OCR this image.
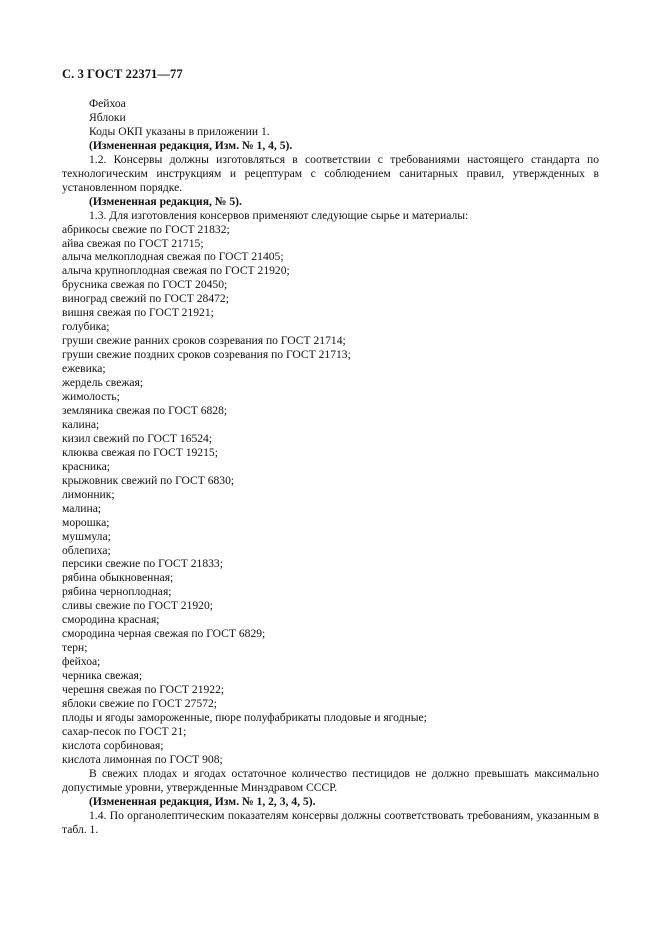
С. 3 ГОСТ 22371—77

Фейхоа

Яблоки

Коды ОКП указаны в приложении 1.

(Измененная редакция, Изм. № 1, 4, 5).

1.2. Консервы должны изготовляться в соответствии с требованиями настоящего стандарта по технологическим инструкциям и рецептурам с соблюдением санитарных правил, утвержденных в установленном порядке.

(Измененная редакция, № 5).

1.3. Для изготовления консервов применяют следующие сырье и материалы:

абрикосы свежие по ГОСТ 21832;

айва свежая по ГОСТ 21715;

алыча мелкоплодная свежая по ГОСТ 21405;

алыча крупноплодная свежая по ГОСТ 21920;

брусника свежая по ГОСТ 20450;

виноград свежий по ГОСТ 28472;

вишня свежая по ГОСТ 21921;

голубика;

груши свежие ранних сроков созревания по ГОСТ 21714;

груши свежие поздних сроков созревания по ГОСТ 21713;

ежевика;

жердель свежая;

жимолость;

земляника свежая по ГОСТ 6828;

калина;

кизил свежий по ГОСТ 16524;

клюква свежая по ГОСТ 19215;

красника;

крыжовник свежий по ГОСТ 6830;

лимонник;

малина;

морошка;

мушмула;

облепиха;

персики свежие по ГОСТ 21833;

рябина обыкновенная;

рябина черноплодная;

сливы свежие по ГОСТ 21920;

смородина красная;

смородина черная свежая по ГОСТ 6829;

терн;

фейхоа;

черника свежая;

черешня свежая по ГОСТ 21922;

яблоки свежие по ГОСТ 27572;

плоды и ягоды замороженные, пюре полуфабрикаты плодовые и ягодные;

сахар-песок по ГОСТ 21;

кислота сорбиновая;

кислота лимонная по ГОСТ 908;

В свежих плодах и ягодах остаточное количество пестицидов не должно превышать максимально допустимые уровни, утвержденные Минздравом СССР.

(Измененная редакция, Изм. № 1, 2, 3, 4, 5).

1.4. По органолептическим показателям консервы должны соответствовать требованиям, указанным в табл. 1.
